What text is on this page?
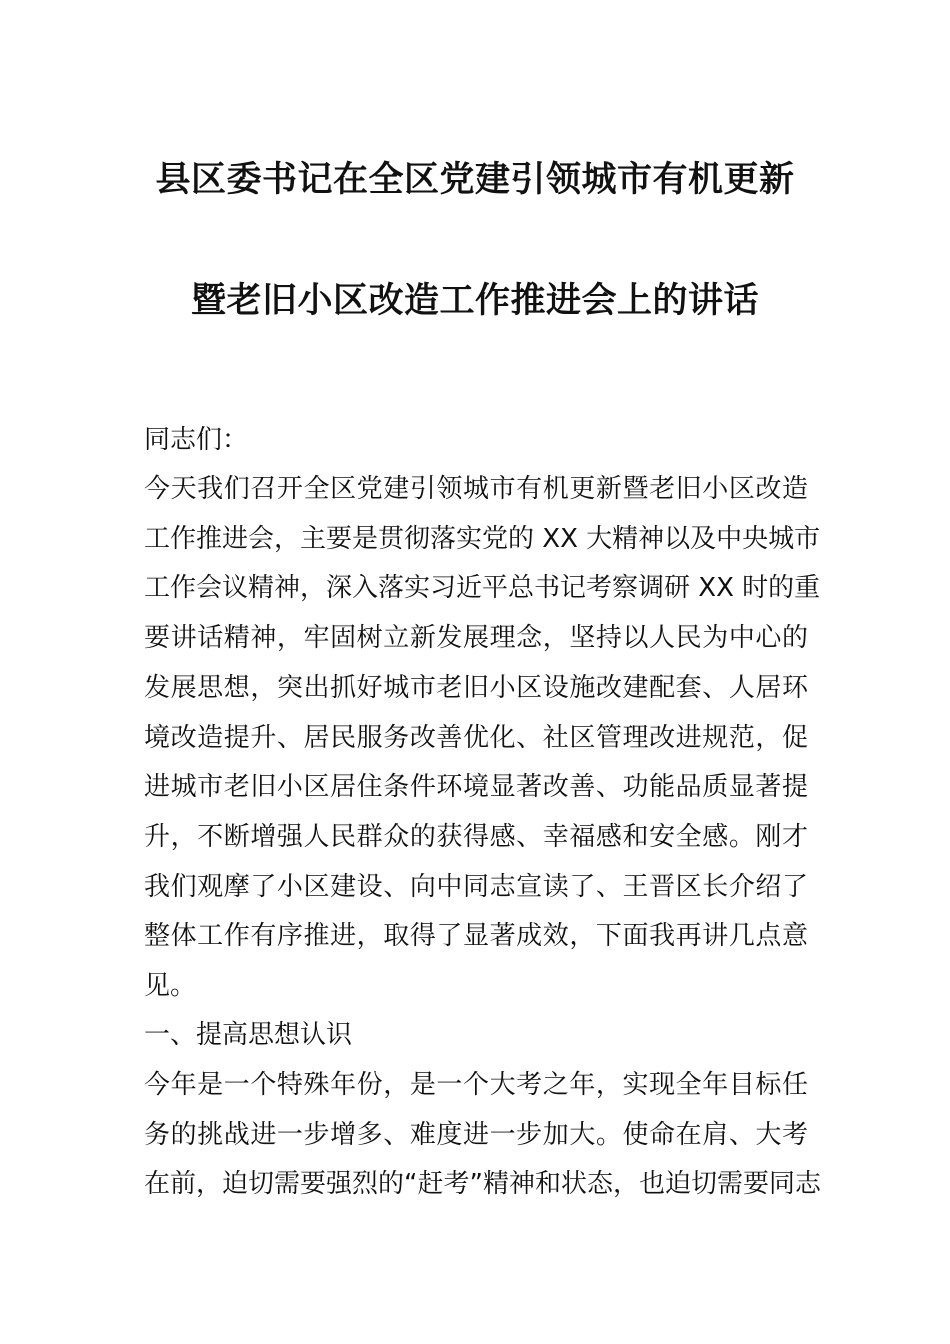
县区委书记在全区党建引领城市有机更新
暨老旧小区改造工作推进会上的讲话
同志们：
今天我们召开全区党建引领城市有机更新暨老旧小区改造
工作推进会，主要是贯彻落实党的 XX 大精神以及中央城市
工作会议精神，深入落实习近平总书记考察调研 XX 时的重
要讲话精神，牢固树立新发展理念，坚持以人民为中心的
发展思想，突出抓好城市老旧小区设施改建配套、人居环
境改造提升、居民服务改善优化、社区管理改进规范，促
进城市老旧小区居住条件环境显著改善、功能品质显著提
升，不断增强人民群众的获得感、幸福感和安全感。刚才
我们观摩了小区建设、向中同志宣读了、王晋区长介绍了
整体工作有序推进，取得了显著成效，下面我再讲几点意
见。
一、提高思想认识
今年是一个特殊年份，是一个大考之年，实现全年目标任
务的挑战进一步增多、难度进一步加大。使命在肩、大考
在前，迫切需要强烈的“赶考”精神和状态，也迫切需要同志
